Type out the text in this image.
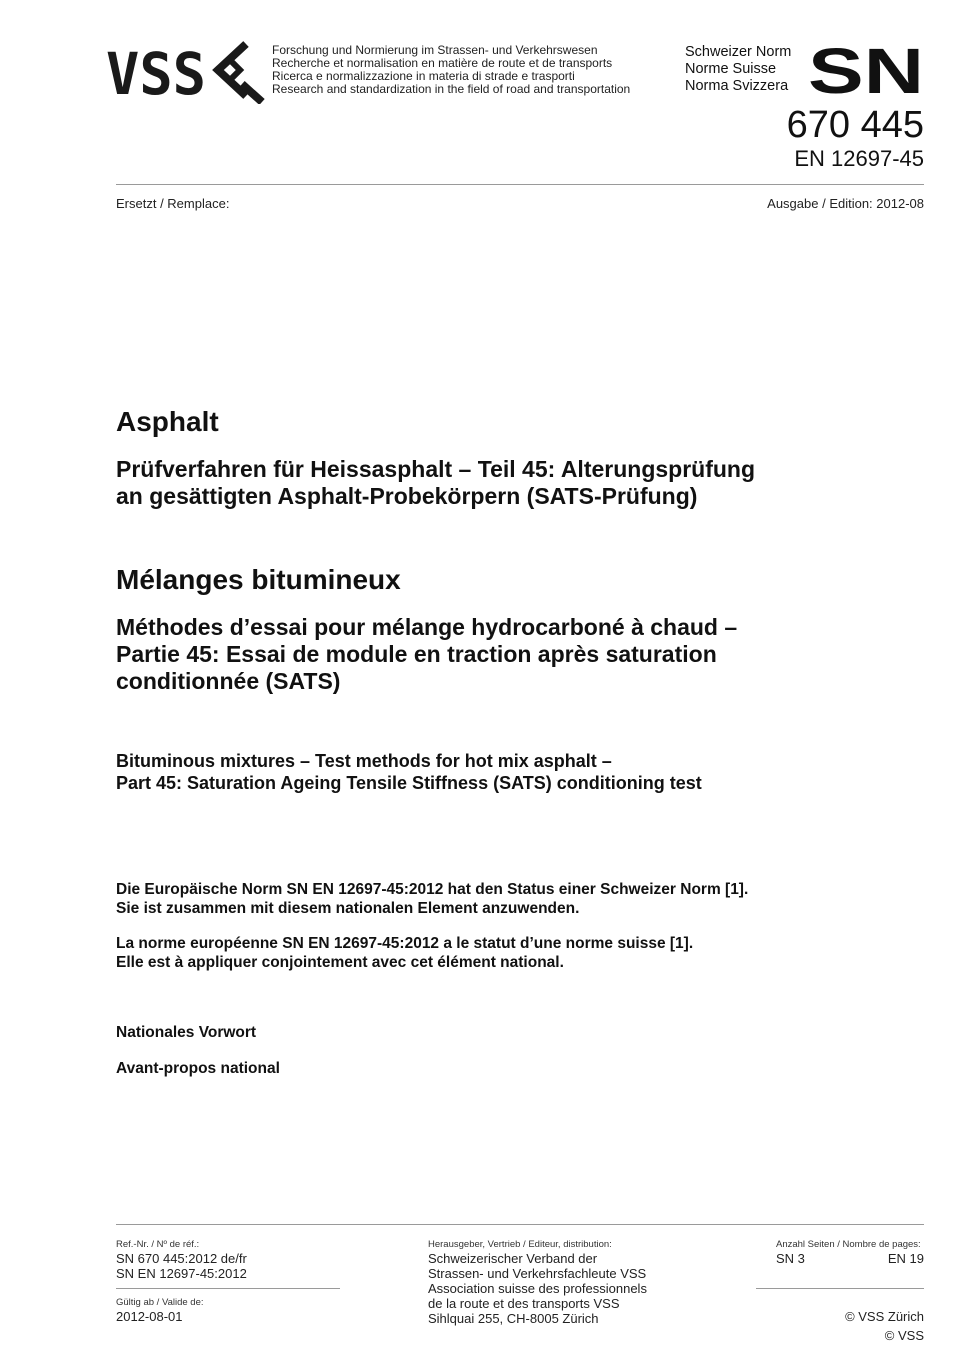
VSS	Forschung und Normierung im Strassen- und Verkehrswesen
Recherche et normalisation en matière de route et de transports
Ricerca e normalizzazione in materia di strade e trasporti
Research and standardization in the field of road and transportation
Schweizer Norm
Norme Suisse
Norma Svizzera SN
670 445
EN 12697-45
Ersetzt / Remplace:	Ausgabe / Edition: 2012-08
Asphalt
Prüfverfahren für Heissasphalt – Teil 45: Alterungsprüfung
an gesättigten Asphalt-Probekörpern (SATS-Prüfung)
Mélanges bitumineux
Méthodes d’essai pour mélange hydrocarboné à chaud –
Partie 45: Essai de module en traction après saturation
conditionnée (SATS)
Bituminous mixtures – Test methods for hot mix asphalt –
Part 45: Saturation Ageing Tensile Stiffness (SATS) conditioning test
Die Europäische Norm SN EN 12697-45:2012 hat den Status einer Schweizer Norm [1].
Sie ist zusammen mit diesem nationalen Element anzuwenden.
La norme européenne SN EN 12697-45:2012 a le statut d’une norme suisse [1].
Elle est à appliquer conjointement avec cet élément national.
Nationales Vorwort
Avant-propos national
Ref.-Nr. / Nº de réf.:
SN 670 445:2012 de/fr
SN EN 12697-45:2012
Gültig ab / Valide de:
2012-08-01
Herausgeber, Vertrieb / Editeur, distribution:
Schweizerischer Verband der
Strassen- und Verkehrsfachleute VSS
Association suisse des professionnels
de la route et des transports VSS
Sihlquai 255, CH-8005 Zürich
Anzahl Seiten / Nombre de pages:
SN 3	EN 19
© VSS Zürich
© VSS
